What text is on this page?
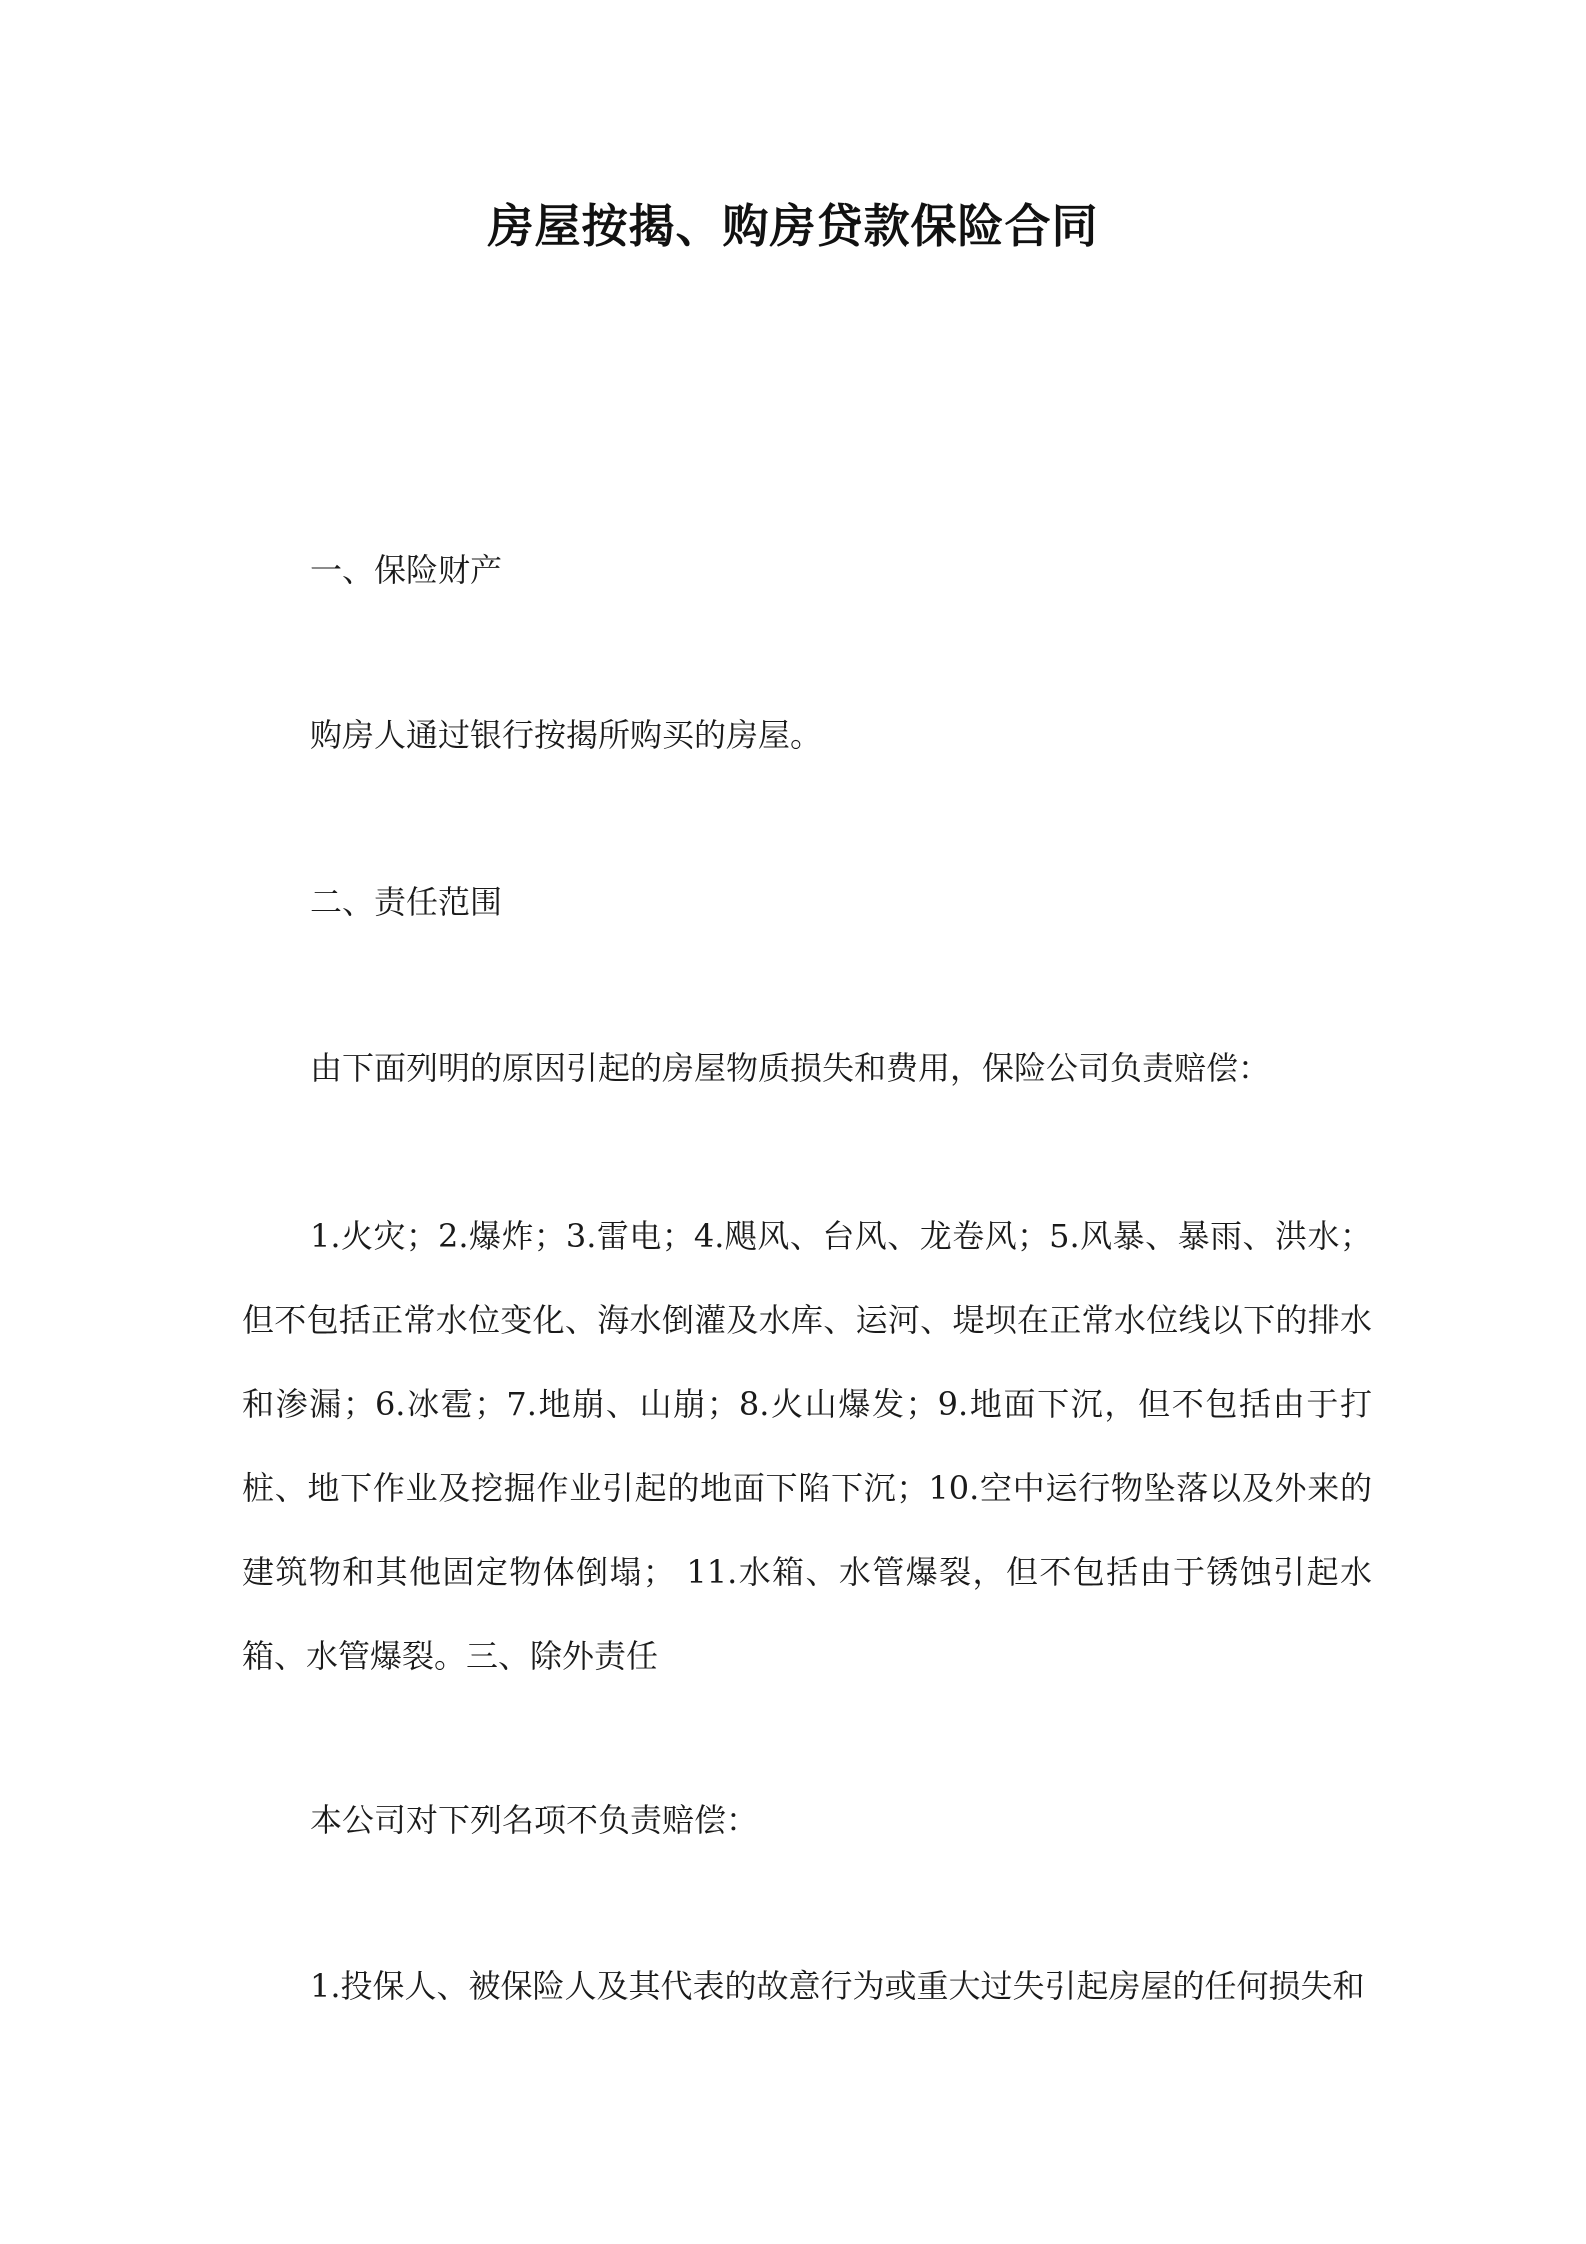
房屋按揭、购房贷款保险合同

一、保险财产

购房人通过银行按揭所购买的房屋。

二、责任范围

由下面列明的原因引起的房屋物质损失和费用，保险公司负责赔偿：

1.火灾；2.爆炸；3.雷电；4.飓风、台风、龙卷风；5.风暴、暴雨、洪水；但不包括正常水位变化、海水倒灌及水库、运河、堤坝在正常水位线以下的排水和渗漏；6.冰雹；7.地崩、山崩；8.火山爆发；9.地面下沉，但不包括由于打桩、地下作业及挖掘作业引起的地面下陷下沉；10.空中运行物坠落以及外来的建筑物和其他固定物体倒塌； 11.水箱、水管爆裂，但不包括由于锈蚀引起水箱、水管爆裂。三、除外责任

本公司对下列名项不负责赔偿：

1.投保人、被保险人及其代表的故意行为或重大过失引起房屋的任何损失和
